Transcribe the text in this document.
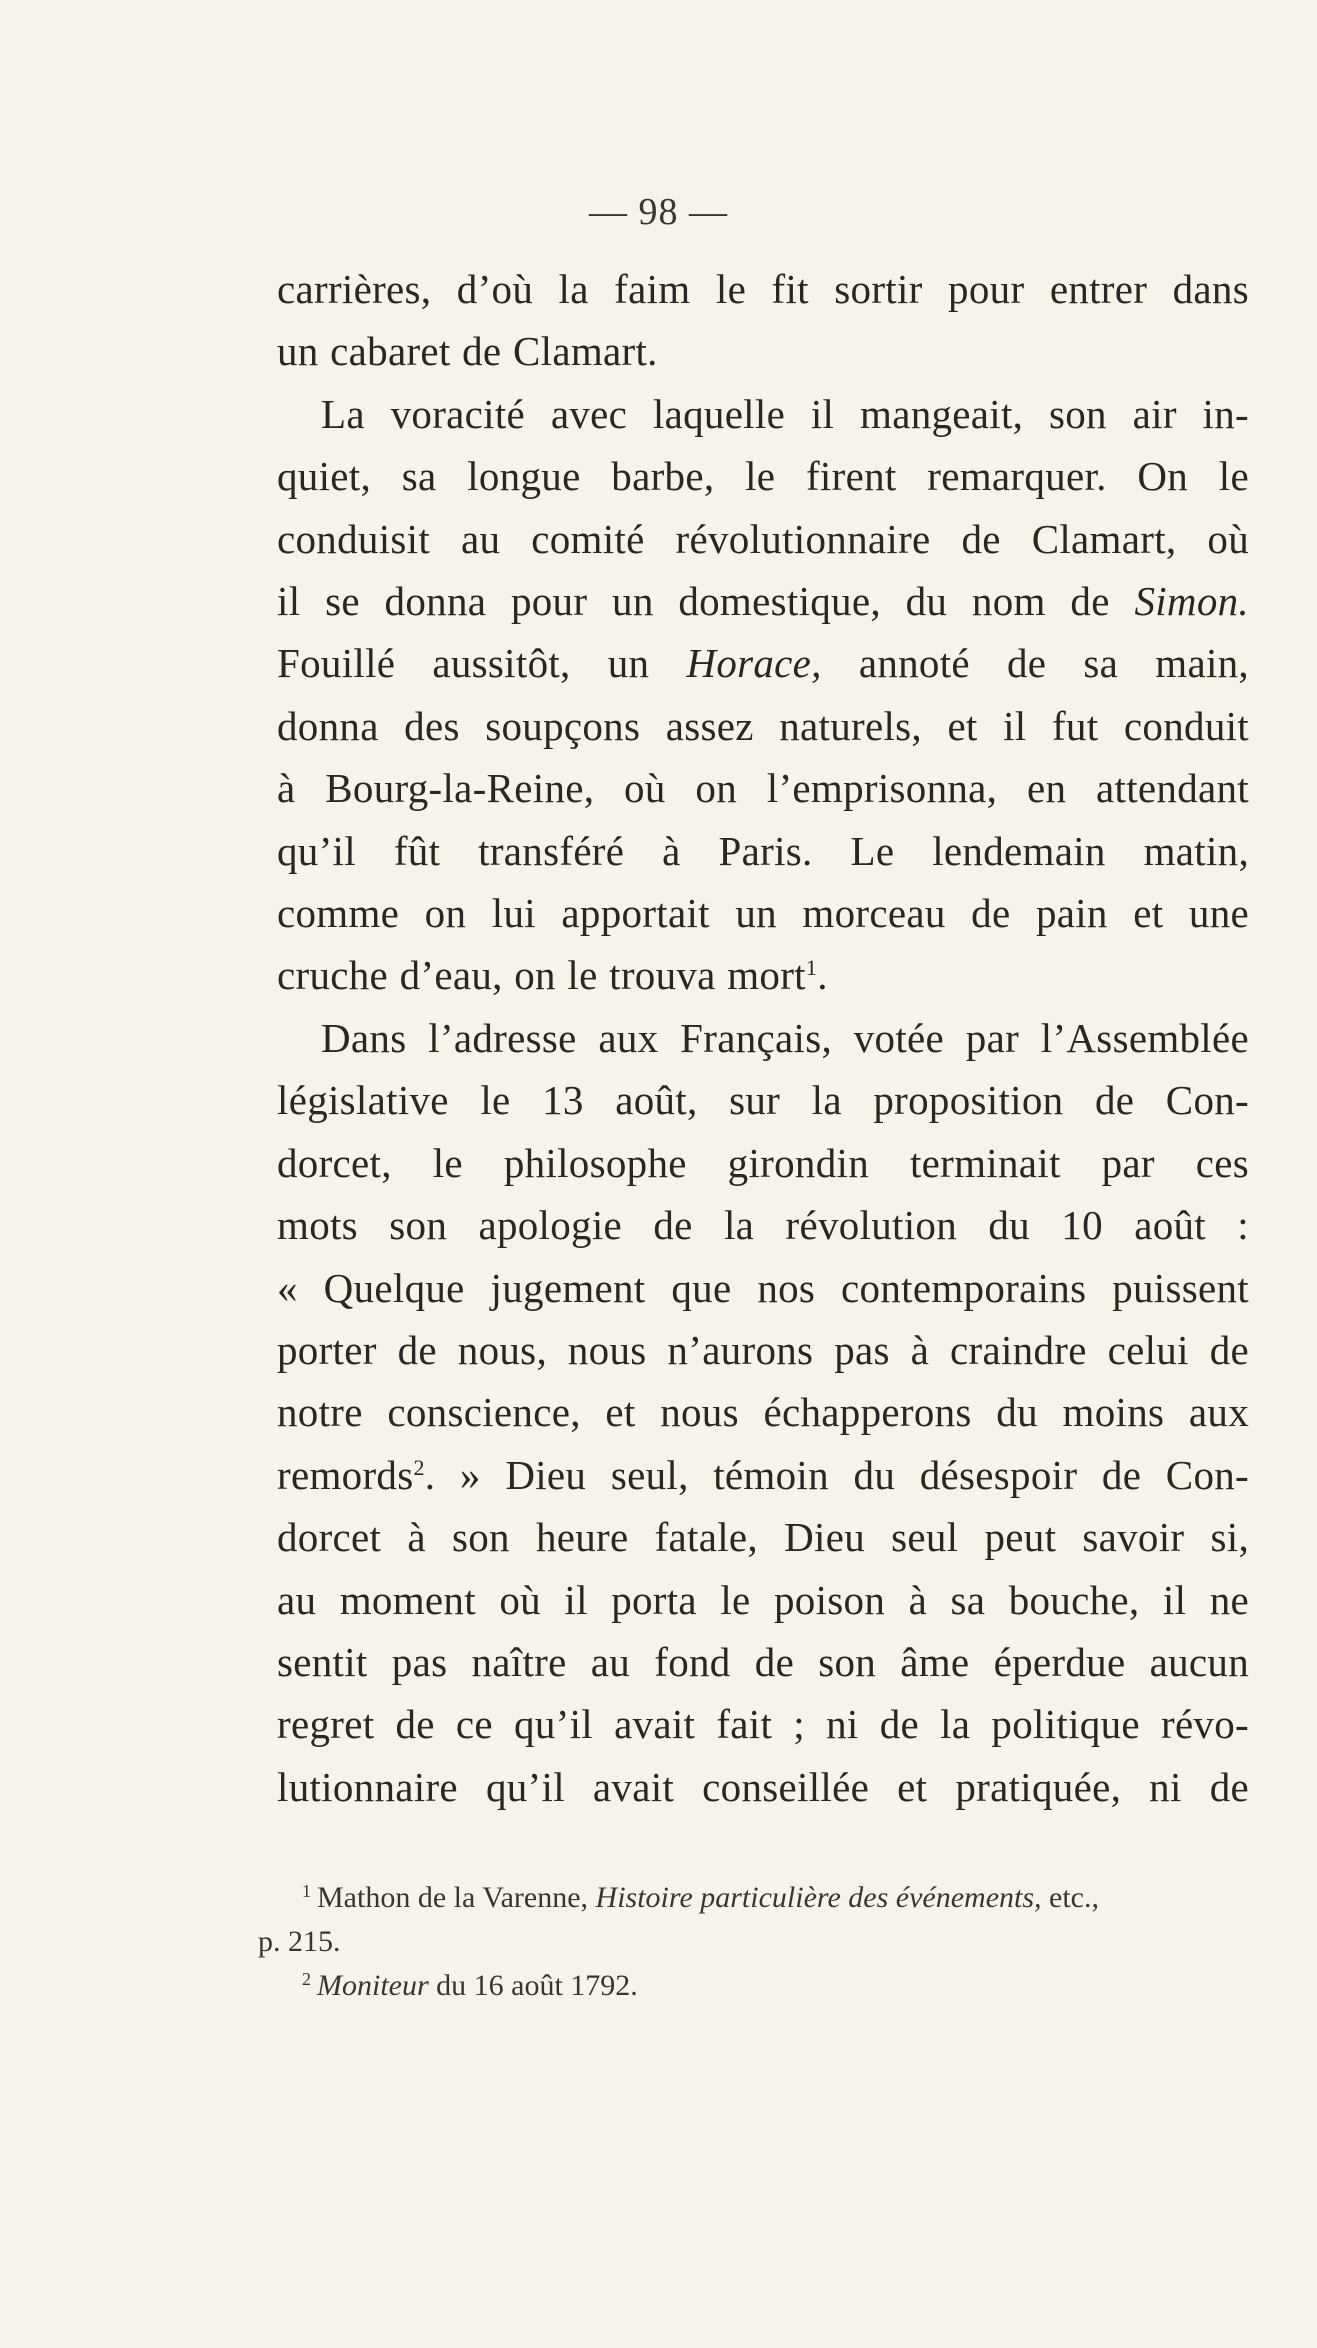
— 98 —
carrières, d’où la faim le fit sortir pour entrer dans
un cabaret de Clamart.
La voracité avec laquelle il mangeait, son air in-
quiet, sa longue barbe, le firent remarquer. On le
conduisit au comité révolutionnaire de Clamart, où
il se donna pour un domestique, du nom de Simon.
Fouillé aussitôt, un Horace, annoté de sa main,
donna des soupçons assez naturels, et il fut conduit
à Bourg-la-Reine, où on l’emprisonna, en attendant
qu’il fût transféré à Paris. Le lendemain matin,
comme on lui apportait un morceau de pain et une
cruche d’eau, on le trouva mort$^1$.
Dans l’adresse aux Français, votée par l’Assemblée
législative le 13 août, sur la proposition de Con-
dorcet, le philosophe girondin terminait par ces
mots son apologie de la révolution du 10 août :
« Quelque jugement que nos contemporains puissent
porter de nous, nous n’aurons pas à craindre celui de
notre conscience, et nous échapperons du moins aux
remords$^2$. » Dieu seul, témoin du désespoir de Con-
dorcet à son heure fatale, Dieu seul peut savoir si,
au moment où il porta le poison à sa bouche, il ne
sentit pas naître au fond de son âme éperdue aucun
regret de ce qu’il avait fait ; ni de la politique révo-
lutionnaire qu’il avait conseillée et pratiquée, ni de
$^1$ Mathon de la Varenne, Histoire particulière des événements, etc.,
p. 215.
$^2$ Moniteur du 16 août 1792.
